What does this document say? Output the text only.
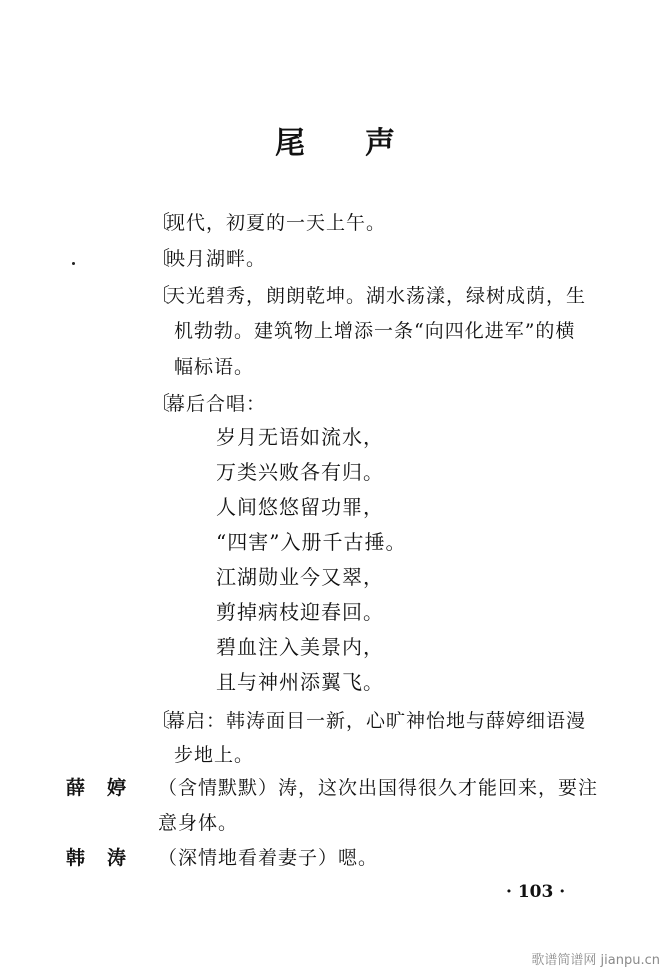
尾 声
〔现代，初夏的一天上午。
〔映月湖畔。
〔天光碧秀，朗朗乾坤。湖水荡漾，绿树成荫，生
机勃勃。建筑物上增添一条“向四化进军”的横
幅标语。
〔幕后合唱：
岁月无语如流水，
万类兴败各有归。
人间悠悠留功罪，
“四害”入册千古捶。
江湖勋业今又翠，
剪掉病枝迎春回。
碧血注入美景内，
且与神州添翼飞。
〔幕启：韩涛面目一新，心旷神怡地与薛婷细语漫
步地上。
薛婷 （含情默默）涛，这次出国得很久才能回来，要注
意身体。
韩涛 （深情地看着妻子）嗯。
· 103 ·
歌谱简谱网 jianpu.cn
